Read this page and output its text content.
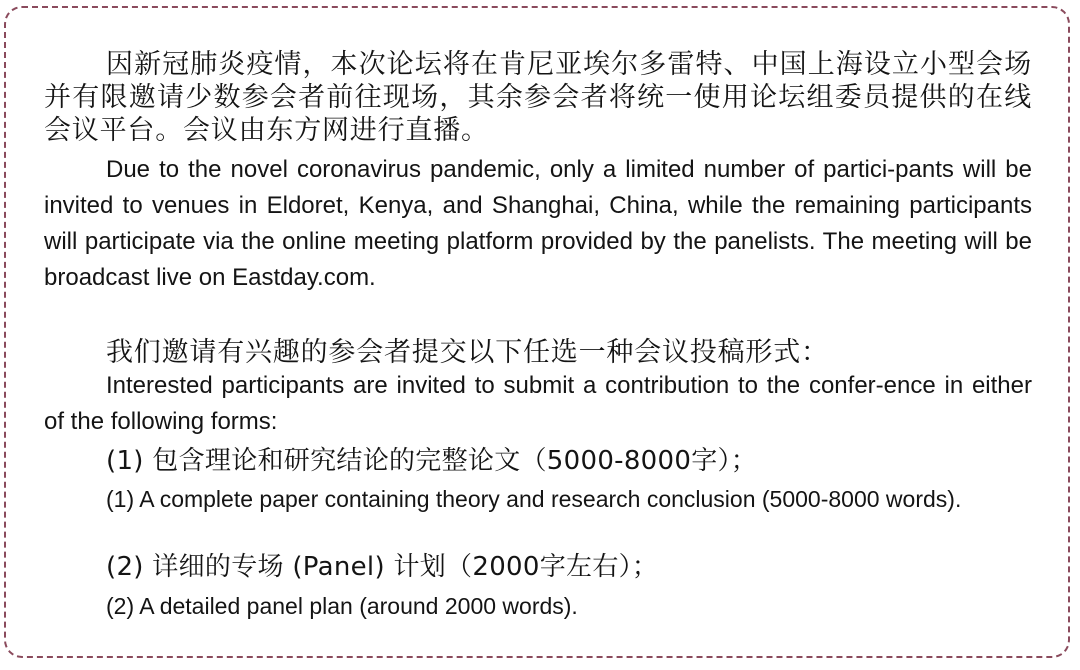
因新冠肺炎疫情，本次论坛将在肯尼亚埃尔多雷特、中国上海设立小型会场并有限邀请少数参会者前往现场，其余参会者将统一使用论坛组委员提供的在线会议平台。会议由东方网进行直播。

Due to the novel coronavirus pandemic, only a limited number of partici-pants will be invited to venues in Eldoret, Kenya, and Shanghai, China, while the remaining participants will participate via the online meeting platform provided by the panelists. The meeting will be broadcast live on Eastday.com.

我们邀请有兴趣的参会者提交以下任选一种会议投稿形式：

Interested participants are invited to submit a contribution to the confer-ence in either of the following forms:

(1) 包含理论和研究结论的完整论文（5000-8000字）；

(1) A complete paper containing theory and research conclusion (5000-8000 words).

(2) 详细的专场 (Panel) 计划（2000字左右）；

(2) A detailed panel plan (around 2000 words).
